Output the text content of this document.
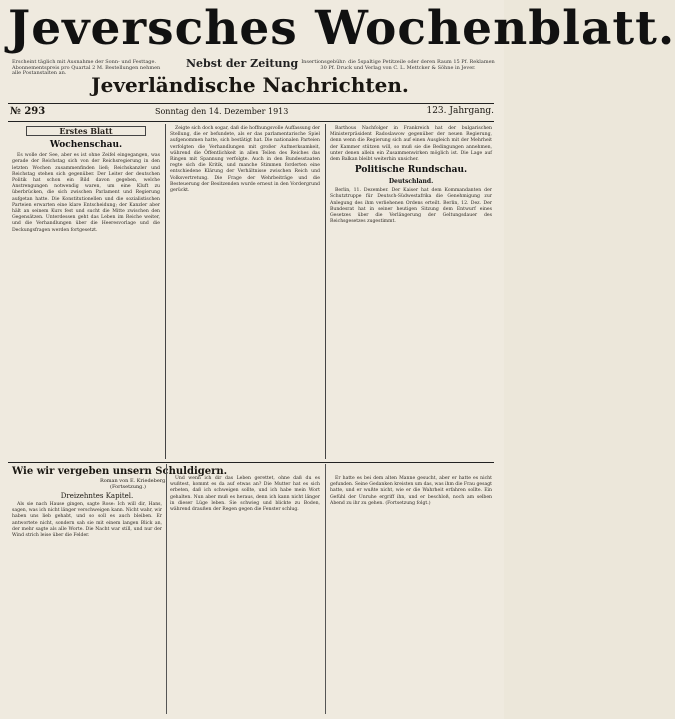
Jeversches Wochenblatt.
Erscheint täglich mit Ausnahme der Sonn- und Festtage. Abonnementspreis pro Quartal 2 M. Bestellungen nehmen alle Postanstalten an.
Nebst der Zeitung Insertionsgebühr: die 5spaltige Petitzeile oder deren Raum 15 Pf. Reklamen 30 Pf. Druck und Verlag von C. L. Mettcker & Söhne in Jever.
Jeverländische Nachrichten.
№ 293	Sonntag den 14. Dezember 1913	123. Jahrgang.
Erstes Blatt
Wochenschau.

Es wolle der See, aber es ist ohne Zeifel eingegangen, was gerade der Reichstag sich von der Reichsregierung in den letzten Wochen zusammenfinden ließ; Reichskanzler und Reichstag stehen sich gegenüber. Der Leiter der deutschen Politik hat schon ein Bild davon gegeben, welche Anstrengungen notwendig waren, um eine Kluft zu überbrücken, die sich zwischen Parlament und Regierung aufgetan hatte. Die Konstitutionellen und die sozialistischen Parteien erwarten eine klare Entscheidung; der Kanzler aber hält an seinem Kurs fest und sucht die Mitte zwischen den Gegensätzen. Unterdessen geht das Leben im Reiche weiter, und die Verhandlungen über die Heeresvorlage und die Deckungsfragen werden fortgesetzt.

Zeigte sich doch sogar, daß die hoffnungsvolle Auffassung der Stellung, die er befundete, als er das parlamentarische Spiel aufgenommen hatte, sich bestätigt hat. Die nationalen Parteien verfolgten die Verhandlungen mit großer Aufmerksamkeit, während die Öffentlichkeit in allen Teilen des Reiches das Ringen mit Spannung verfolgte. Auch in den Bundesstaaten regte sich die Kritik, und manche Stimmen forderten eine entschiedene Klärung der Verhältnisse zwischen Reich und Volksvertretung. Die Frage der Wehrbeiträge und die Besteuerung der Besitzenden wurde erneut in den Vordergrund gerückt.

Barthous Nachfolger in Frankreich hat der bulgarischen Ministerpräsident Radoslawow gegenüber der neuen Regierung, denn wenn die Regierung sich auf einen Ausgleich mit der Mehrheit der Kammer stützen will, so muß sie die Bedingungen annehmen, unter denen allein ein Zusammenwirken möglich ist. Die Lage auf dem Balkan bleibt weiterhin unsicher.

Politische Rundschau.
Deutschland.

Berlin, 11. Dezember. Der Kaiser hat dem Kommandanten der Schutztruppe für Deutsch-Südwestafrika die Genehmigung zur Anlegung des ihm verliehenen Ordens erteilt. Berlin, 12. Dez. Der Bundesrat hat in seiner heutigen Sitzung dem Entwurf eines Gesetzes über die Verlängerung der Geltungsdauer des Reichsgesetzes zugestimmt.

Wie wir vergeben unsern Schuldigern.
Roman von E. Kriedeberg.
(Fortsetzung.)
Dreizehntes Kapitel.

Als sie nach Hause gingen, sagte Rose: Ich will dir, Hans, sagen, was ich nicht länger verschweigen kann. Nicht wahr, wir haben uns lieb gehabt, und so soll es auch bleiben. Er antwortete nicht, sondern sah sie mit einem langen Blick an, der mehr sagte als alle Worte. Die Nacht war still, und nur der Wind strich leise über die Felder.

Und wenn ich dir das Leben gerettet, ohne daß du es wußtest, kommt es da auf etwas an? Die Mutter hat es sich erbeten, daß ich schweigen sollte, und ich habe mein Wort gehalten. Nun aber muß es heraus, denn ich kann nicht länger in dieser Lüge leben. Sie schwieg und blickte zu Boden, während draußen der Regen gegen die Fenster schlug.

Er hatte es bei dem alten Manne gesucht, aber er hatte es nicht gefunden. Seine Gedanken kreisten um das, was ihm die Frau gesagt hatte, und er wußte nicht, wie er die Wahrheit erfahren sollte. Ein Gefühl der Unruhe ergriff ihn, und er beschloß, noch am selben Abend zu ihr zu gehen. (Fortsetzung folgt.)
